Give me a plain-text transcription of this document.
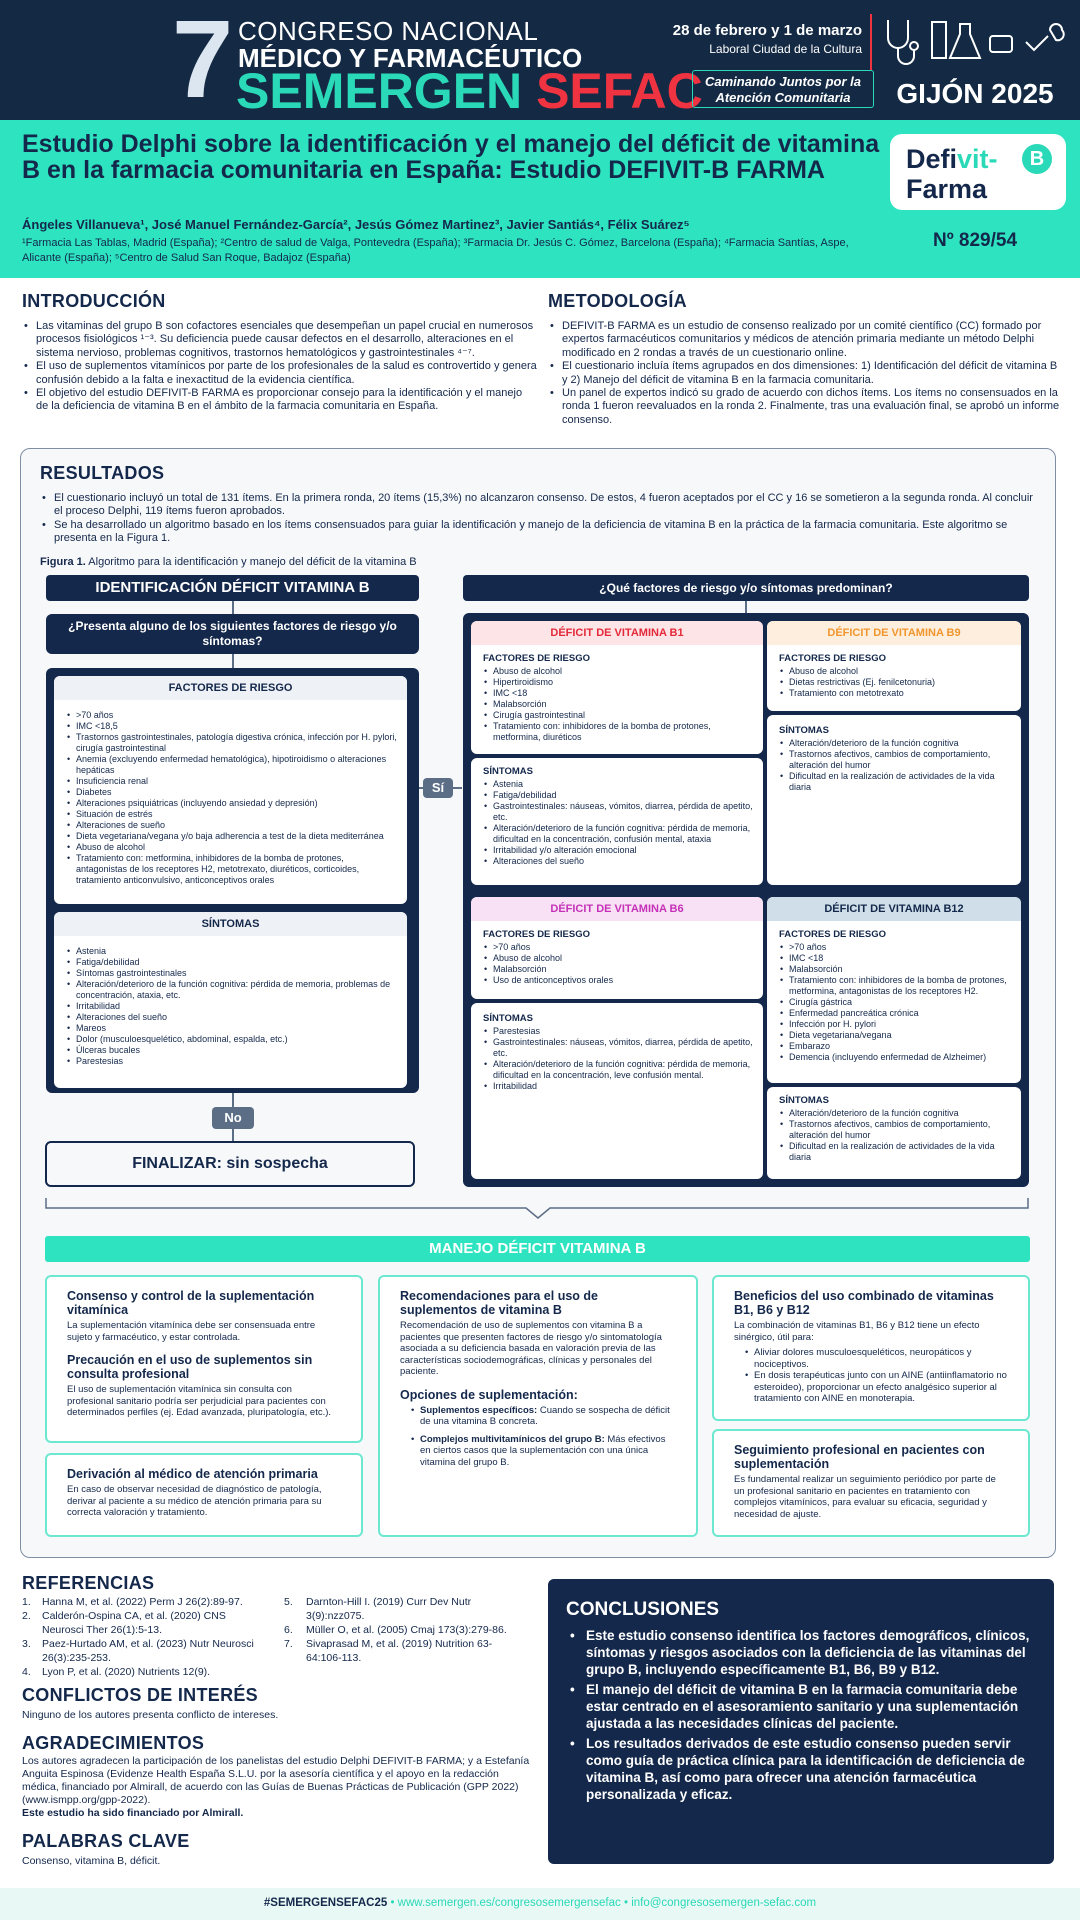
7 CONGRESO NACIONAL
MÉDICO Y FARMACÉUTICO
SEMERGEN SEFAC Caminando Juntos por la Atención Comunitaria
28 de febrero y 1 de marzo
Laboral Ciudad de la Cultura
GIJÓN 2025
Estudio Delphi sobre la identificación y el manejo del déficit de vitamina B en la farmacia comunitaria en España: Estudio DEFIVIT-B FARMA
Ángeles Villanueva¹, José Manuel Fernández-García², Jesús Gómez Martinez³, Javier Santiás⁴, Félix Suárez⁵
¹Farmacia Las Tablas, Madrid (España); ²Centro de salud de Valga, Pontevedra (España); ³Farmacia Dr. Jesús C. Gómez, Barcelona (España); ⁴Farmacia Santías, Aspe, Alicante (España); ⁵Centro de Salud San Roque, Badajoz (España)
Defivit-	B
Farma
Nº 829/54
INTRODUCCIÓN
• Las vitaminas del grupo B son cofactores esenciales que desempeñan un papel crucial en numerosos procesos fisiológicos ¹⁻³. Su deficiencia puede causar defectos en el desarrollo, alteraciones en el sistema nervioso, problemas cognitivos, trastornos hematológicos y gastrointestinales ⁴⁻⁷.
• El uso de suplementos vitamínicos por parte de los profesionales de la salud es controvertido y genera confusión debido a la falta e inexactitud de la evidencia científica.
• El objetivo del estudio DEFIVIT-B FARMA es proporcionar consejo para la identificación y el manejo de la deficiencia de vitamina B en el ámbito de la farmacia comunitaria en España.
METODOLOGÍA
• DEFIVIT-B FARMA es un estudio de consenso realizado por un comité científico (CC) formado por expertos farmacéuticos comunitarios y médicos de atención primaria mediante un método Delphi modificado en 2 rondas a través de un cuestionario online.
• El cuestionario incluía ítems agrupados en dos dimensiones: 1) Identificación del déficit de vitamina B y 2) Manejo del déficit de vitamina B en la farmacia comunitaria.
• Un panel de expertos indicó su grado de acuerdo con dichos ítems. Los ítems no consensuados en la ronda 1 fueron reevaluados en la ronda 2. Finalmente, tras una evaluación final, se aprobó un informe consenso.
RESULTADOS
• El cuestionario incluyó un total de 131 ítems. En la primera ronda, 20 ítems (15,3%) no alcanzaron consenso. De estos, 4 fueron aceptados por el CC y 16 se sometieron a la segunda ronda. Al concluir el proceso Delphi, 119 ítems fueron aprobados.
• Se ha desarrollado un algoritmo basado en los ítems consensuados para guiar la identificación y manejo de la deficiencia de vitamina B en la práctica de la farmacia comunitaria. Este algoritmo se presenta en la Figura 1.
Figura 1. Algoritmo para la identificación y manejo del déficit de la vitamina B
IDENTIFICACIÓN DÉFICIT VITAMINA B
¿Presenta alguno de los siguientes factores de riesgo y/o síntomas?
FACTORES DE RIESGO
• >70 años
• IMC <18,5
• Trastornos gastrointestinales, patología digestiva crónica, infección por H. pylori, cirugía gastrointestinal
• Anemia (excluyendo enfermedad hematológica), hipotiroidismo o alteraciones hepáticas
• Insuficiencia renal
• Diabetes
• Alteraciones psiquiátricas (incluyendo ansiedad y depresión)
• Situación de estrés
• Alteraciones de sueño
• Dieta vegetariana/vegana y/o baja adherencia a test de la dieta mediterránea
• Abuso de alcohol
• Tratamiento con: metformina, inhibidores de la bomba de protones, antagonistas de los receptores H2, metotrexato, diuréticos, corticoides, tratamiento anticonvulsivo, anticonceptivos orales
SÍNTOMAS
• Astenia
• Fatiga/debilidad
• Síntomas gastrointestinales
• Alteración/deterioro de la función cognitiva: pérdida de memoria, problemas de concentración, ataxia, etc.
• Irritabilidad
• Alteraciones del sueño
• Mareos
• Dolor (musculoesquelético, abdominal, espalda, etc.)
• Úlceras bucales
• Parestesias
Sí
No
FINALIZAR: sin sospecha
¿Qué factores de riesgo y/o síntomas predominan?
DÉFICIT DE VITAMINA B1
FACTORES DE RIESGO
• Abuso de alcohol
• Hipertiroidismo
• IMC <18
• Malabsorción
• Cirugía gastrointestinal
• Tratamiento con: inhibidores de la bomba de protones, metformina, diuréticos
SÍNTOMAS
• Astenia
• Fatiga/debilidad
• Gastrointestinales: náuseas, vómitos, diarrea, pérdida de apetito, etc.
• Alteración/deterioro de la función cognitiva: pérdida de memoria, dificultad en la concentración, confusión mental, ataxia
• Irritabilidad y/o alteración emocional
• Alteraciones del sueño
DÉFICIT DE VITAMINA B9
FACTORES DE RIESGO
• Abuso de alcohol
• Dietas restrictivas (Ej. fenilcetonuria)
• Tratamiento con metotrexato
SÍNTOMAS
• Alteración/deterioro de la función cognitiva
• Trastornos afectivos, cambios de comportamiento, alteración del humor
• Dificultad en la realización de actividades de la vida diaria
DÉFICIT DE VITAMINA B6
FACTORES DE RIESGO
• >70 años
• Abuso de alcohol
• Malabsorción
• Uso de anticonceptivos orales
SÍNTOMAS
• Parestesias
• Gastrointestinales: náuseas, vómitos, diarrea, pérdida de apetito, etc.
• Alteración/deterioro de la función cognitiva: pérdida de memoria, dificultad en la concentración, leve confusión mental.
• Irritabilidad
DÉFICIT DE VITAMINA B12
FACTORES DE RIESGO
• >70 años
• IMC <18
• Malabsorción
• Tratamiento con: inhibidores de la bomba de protones, metformina, antagonistas de los receptores H2.
• Cirugía gástrica
• Enfermedad pancreática crónica
• Infección por H. pylori
• Dieta vegetariana/vegana
• Embarazo
• Demencia (incluyendo enfermedad de Alzheimer)
SÍNTOMAS
• Alteración/deterioro de la función cognitiva
• Trastornos afectivos, cambios de comportamiento, alteración del humor
• Dificultad en la realización de actividades de la vida diaria
MANEJO DÉFICIT VITAMINA B
Consenso y control de la suplementación vitamínica

La suplementación vitamínica debe ser consensuada entre sujeto y farmacéutico, y estar controlada.

Precaución en el uso de suplementos sin consulta profesional

El uso de suplementación vitamínica sin consulta con profesional sanitario podría ser perjudicial para pacientes con determinados perfiles (ej. Edad avanzada, pluripatología, etc.).

Derivación al médico de atención primaria

En caso de observar necesidad de diagnóstico de patología, derivar al paciente a su médico de atención primaria para su correcta valoración y tratamiento.

Recomendaciones para el uso de suplementos de vitamina B

Recomendación de uso de suplementos con vitamina B a pacientes que presenten factores de riesgo y/o sintomatología asociada a su deficiencia basada en valoración previa de las características sociodemográficas, clínicas y personales del paciente.

Opciones de suplementación:
• Suplementos específicos: Cuando se sospecha de déficit de una vitamina B concreta.
• Complejos multivitamínicos del grupo B: Más efectivos en ciertos casos que la suplementación con una única vitamina del grupo B.
Beneficios del uso combinado de vitaminas B1, B6 y B12

La combinación de vitaminas B1, B6 y B12 tiene un efecto sinérgico, útil para:

• Aliviar dolores musculoesqueléticos, neuropáticos y nociceptivos.
• En dosis terapéuticas junto con un AINE (antiinflamatorio no esteroideo), proporcionar un efecto analgésico superior al tratamiento con AINE en monoterapia.
Seguimiento profesional en pacientes con suplementación

Es fundamental realizar un seguimiento periódico por parte de un profesional sanitario en pacientes en tratamiento con complejos vitamínicos, para evaluar su eficacia, seguridad y necesidad de ajuste.

REFERENCIAS
1.	Hanna M, et al. (2022) Perm J 26(2):89-97.
2.	Calderón-Ospina CA, et al. (2020) CNS Neurosci Ther 26(1):5-13.
3.	Paez-Hurtado AM, et al. (2023) Nutr Neurosci 26(3):235-253.
4.	Lyon P, et al. (2020) Nutrients 12(9).
5.	Darnton-Hill I. (2019) Curr Dev Nutr 3(9):nzz075.
6.	Müller O, et al. (2005) Cmaj 173(3):279-86.
7.	Sivaprasad M, et al. (2019) Nutrition 63-64:106-113.
CONFLICTOS DE INTERÉS
Ninguno de los autores presenta conflicto de intereses.
AGRADECIMIENTOS
Los autores agradecen la participación de los panelistas del estudio Delphi DEFIVIT-B FARMA; y a Estefanía Anguita Espinosa (Evidenze Health España S.L.U. por la asesoría científica y el apoyo en la redacción médica, financiado por Almirall, de acuerdo con las Guías de Buenas Prácticas de Publicación (GPP 2022) (www.ismpp.org/gpp-2022).
Este estudio ha sido financiado por Almirall.
PALABRAS CLAVE
Consenso, vitamina B, déficit.
CONCLUSIONES
• Este estudio consenso identifica los factores demográficos, clínicos, síntomas y riesgos asociados con la deficiencia de las vitaminas del grupo B, incluyendo específicamente B1, B6, B9 y B12.
• El manejo del déficit de vitamina B en la farmacia comunitaria debe estar centrado en el asesoramiento sanitario y una suplementación ajustada a las necesidades clínicas del paciente.
• Los resultados derivados de este estudio consenso pueden servir como guía de práctica clínica para la identificación de deficiencia de vitamina B, así como para ofrecer una atención farmacéutica personalizada y eficaz.
#SEMERGENSEFAC25 • www.semergen.es/congresosemergensefac • info@congresosemergen-sefac.com
